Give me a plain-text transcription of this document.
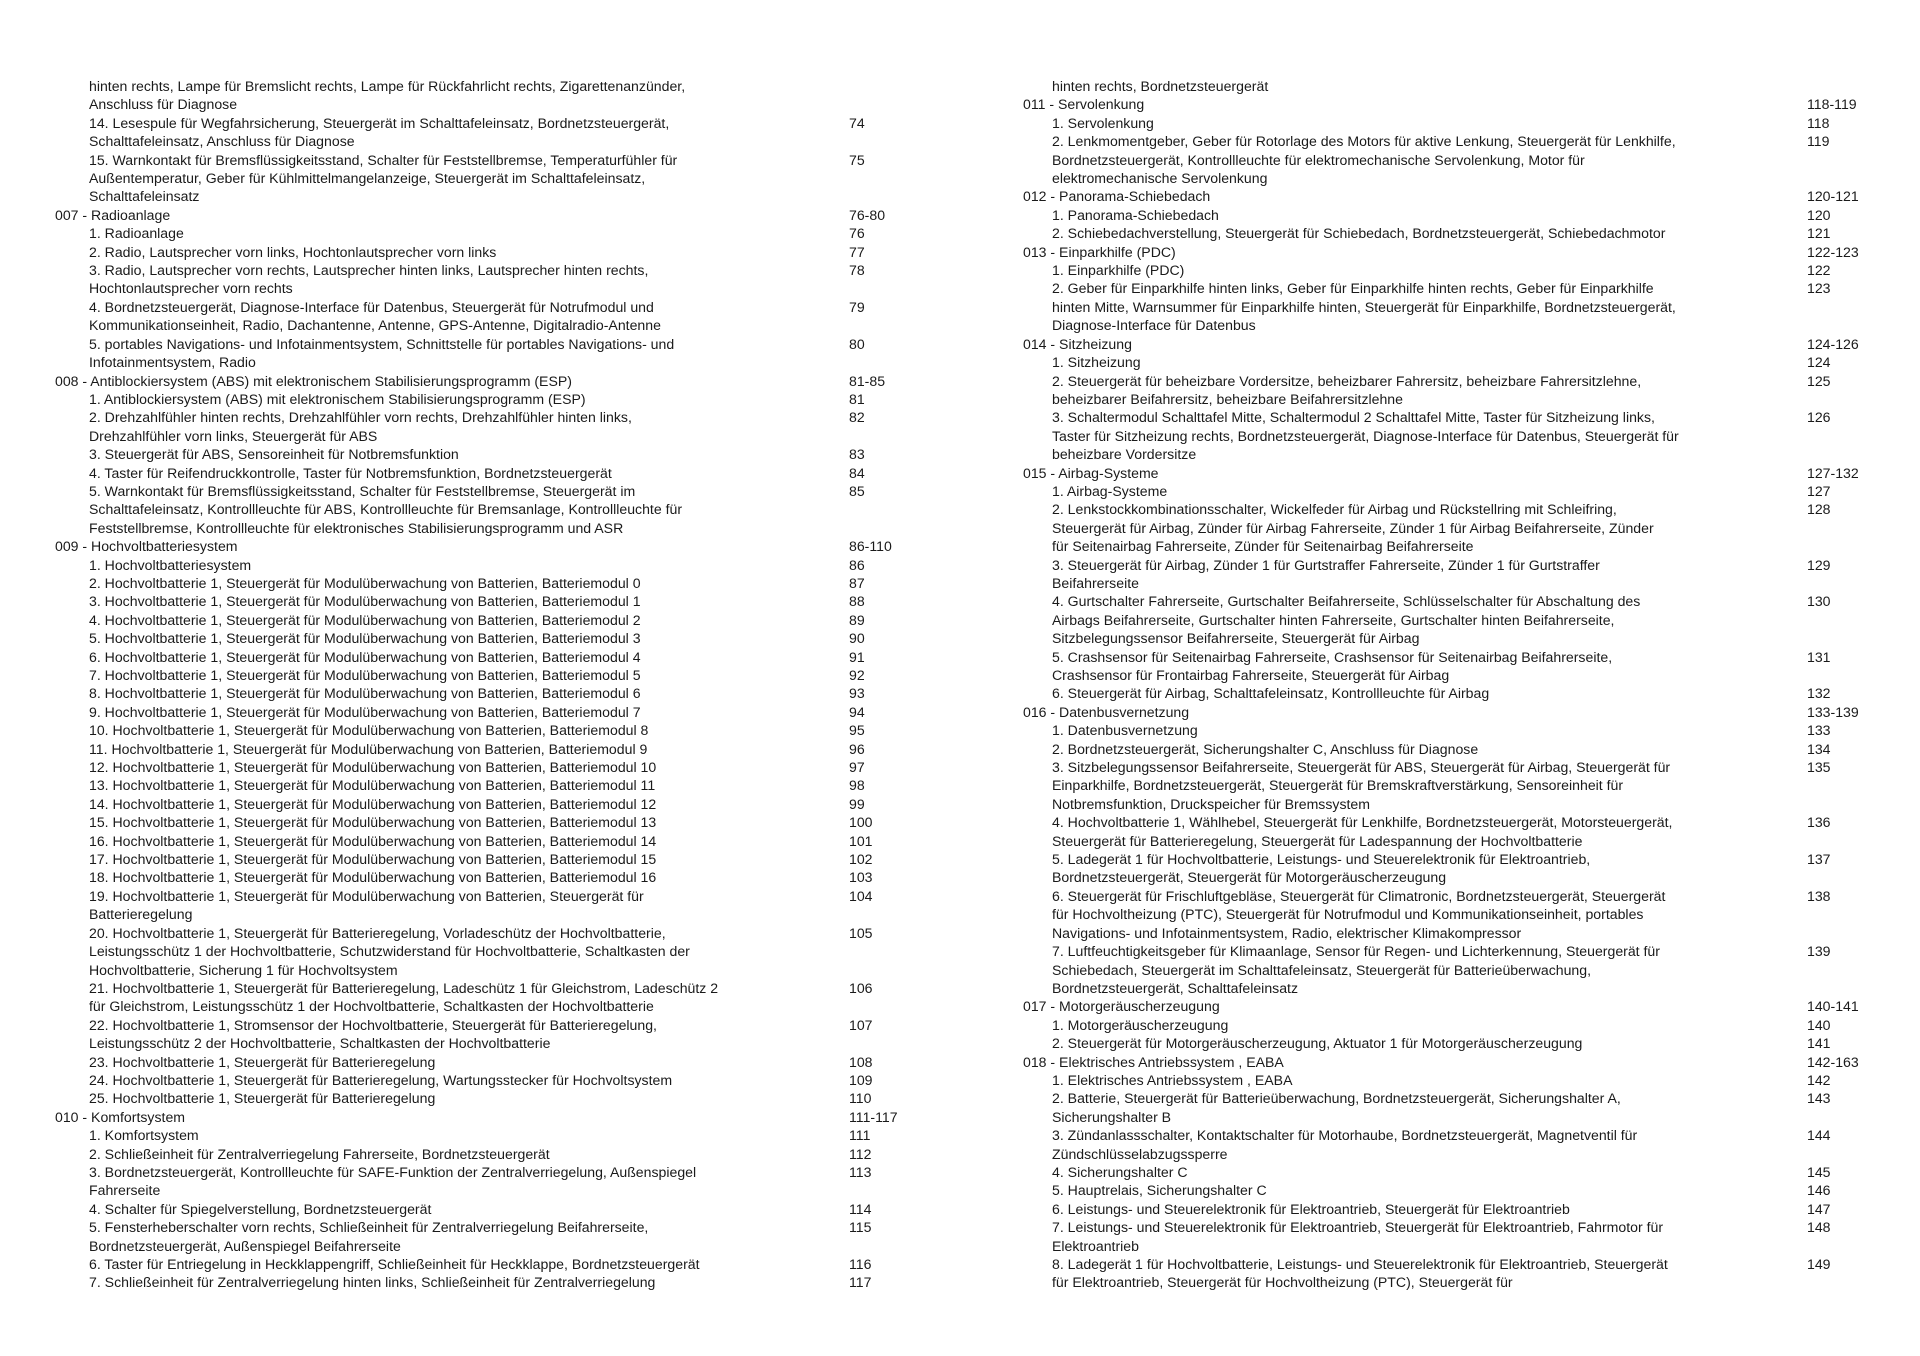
hinten rechts, Lampe für Bremslicht rechts, Lampe für Rückfahrlicht rechts, Zigarettenanzünder,
Anschluss für Diagnose
14. Lesespule für Wegfahrsicherung, Steuergerät im Schalttafeleinsatz, Bordnetzsteuergerät,	74
Schalttafeleinsatz, Anschluss für Diagnose
15. Warnkontakt für Bremsflüssigkeitsstand, Schalter für Feststellbremse, Temperaturfühler für	75
Außentemperatur, Geber für Kühlmittelmangelanzeige, Steuergerät im Schalttafeleinsatz,
Schalttafeleinsatz
007 - Radioanlage	76-80
1. Radioanlage	76
2. Radio, Lautsprecher vorn links, Hochtonlautsprecher vorn links	77
3. Radio, Lautsprecher vorn rechts, Lautsprecher hinten links, Lautsprecher hinten rechts,	78
Hochtonlautsprecher vorn rechts
4. Bordnetzsteuergerät, Diagnose-Interface für Datenbus, Steuergerät für Notrufmodul und	79
Kommunikationseinheit, Radio, Dachantenne, Antenne, GPS-Antenne, Digitalradio-Antenne
5. portables Navigations- und Infotainmentsystem, Schnittstelle für portables Navigations- und	80
Infotainmentsystem, Radio
008 - Antiblockiersystem (ABS) mit elektronischem Stabilisierungsprogramm (ESP)	81-85
1. Antiblockiersystem (ABS) mit elektronischem Stabilisierungsprogramm (ESP)	81
2. Drehzahlfühler hinten rechts, Drehzahlfühler vorn rechts, Drehzahlfühler hinten links,	82
Drehzahlfühler vorn links, Steuergerät für ABS
3. Steuergerät für ABS, Sensoreinheit für Notbremsfunktion	83
4. Taster für Reifendruckkontrolle, Taster für Notbremsfunktion, Bordnetzsteuergerät	84
5. Warnkontakt für Bremsflüssigkeitsstand, Schalter für Feststellbremse, Steuergerät im	85
Schalttafeleinsatz, Kontrollleuchte für ABS, Kontrollleuchte für Bremsanlage, Kontrollleuchte für
Feststellbremse, Kontrollleuchte für elektronisches Stabilisierungsprogramm und ASR
009 - Hochvoltbatteriesystem	86-110
1. Hochvoltbatteriesystem	86
2. Hochvoltbatterie 1, Steuergerät für Modulüberwachung von Batterien, Batteriemodul 0	87
3. Hochvoltbatterie 1, Steuergerät für Modulüberwachung von Batterien, Batteriemodul 1	88
4. Hochvoltbatterie 1, Steuergerät für Modulüberwachung von Batterien, Batteriemodul 2	89
5. Hochvoltbatterie 1, Steuergerät für Modulüberwachung von Batterien, Batteriemodul 3	90
6. Hochvoltbatterie 1, Steuergerät für Modulüberwachung von Batterien, Batteriemodul 4	91
7. Hochvoltbatterie 1, Steuergerät für Modulüberwachung von Batterien, Batteriemodul 5	92
8. Hochvoltbatterie 1, Steuergerät für Modulüberwachung von Batterien, Batteriemodul 6	93
9. Hochvoltbatterie 1, Steuergerät für Modulüberwachung von Batterien, Batteriemodul 7	94
10. Hochvoltbatterie 1, Steuergerät für Modulüberwachung von Batterien, Batteriemodul 8	95
11. Hochvoltbatterie 1, Steuergerät für Modulüberwachung von Batterien, Batteriemodul 9	96
12. Hochvoltbatterie 1, Steuergerät für Modulüberwachung von Batterien, Batteriemodul 10	97
13. Hochvoltbatterie 1, Steuergerät für Modulüberwachung von Batterien, Batteriemodul 11	98
14. Hochvoltbatterie 1, Steuergerät für Modulüberwachung von Batterien, Batteriemodul 12	99
15. Hochvoltbatterie 1, Steuergerät für Modulüberwachung von Batterien, Batteriemodul 13	100
16. Hochvoltbatterie 1, Steuergerät für Modulüberwachung von Batterien, Batteriemodul 14	101
17. Hochvoltbatterie 1, Steuergerät für Modulüberwachung von Batterien, Batteriemodul 15	102
18. Hochvoltbatterie 1, Steuergerät für Modulüberwachung von Batterien, Batteriemodul 16	103
19. Hochvoltbatterie 1, Steuergerät für Modulüberwachung von Batterien, Steuergerät für	104
Batterieregelung
20. Hochvoltbatterie 1, Steuergerät für Batterieregelung, Vorladeschütz der Hochvoltbatterie,	105
Leistungsschütz 1 der Hochvoltbatterie, Schutzwiderstand für Hochvoltbatterie, Schaltkasten der
Hochvoltbatterie, Sicherung 1 für Hochvoltsystem
21. Hochvoltbatterie 1, Steuergerät für Batterieregelung, Ladeschütz 1 für Gleichstrom, Ladeschütz 2	106
für Gleichstrom, Leistungsschütz 1 der Hochvoltbatterie, Schaltkasten der Hochvoltbatterie
22. Hochvoltbatterie 1, Stromsensor der Hochvoltbatterie, Steuergerät für Batterieregelung,	107
Leistungsschütz 2 der Hochvoltbatterie, Schaltkasten der Hochvoltbatterie
23. Hochvoltbatterie 1, Steuergerät für Batterieregelung	108
24. Hochvoltbatterie 1, Steuergerät für Batterieregelung, Wartungsstecker für Hochvoltsystem	109
25. Hochvoltbatterie 1, Steuergerät für Batterieregelung	110
010 - Komfortsystem	111-117
1. Komfortsystem	111
2. Schließeinheit für Zentralverriegelung Fahrerseite, Bordnetzsteuergerät	112
3. Bordnetzsteuergerät, Kontrollleuchte für SAFE-Funktion der Zentralverriegelung, Außenspiegel	113
Fahrerseite
4. Schalter für Spiegelverstellung, Bordnetzsteuergerät	114
5. Fensterheberschalter vorn rechts, Schließeinheit für Zentralverriegelung Beifahrerseite,	115
Bordnetzsteuergerät, Außenspiegel Beifahrerseite
6. Taster für Entriegelung in Heckklappengriff, Schließeinheit für Heckklappe, Bordnetzsteuergerät	116
7. Schließeinheit für Zentralverriegelung hinten links, Schließeinheit für Zentralverriegelung	117
hinten rechts, Bordnetzsteuergerät
011 - Servolenkung	118-119
1. Servolenkung	118
2. Lenkmomentgeber, Geber für Rotorlage des Motors für aktive Lenkung, Steuergerät für Lenkhilfe,	119
Bordnetzsteuergerät, Kontrollleuchte für elektromechanische Servolenkung, Motor für
elektromechanische Servolenkung
012 - Panorama-Schiebedach	120-121
1. Panorama-Schiebedach	120
2. Schiebedachverstellung, Steuergerät für Schiebedach, Bordnetzsteuergerät, Schiebedachmotor	121
013 - Einparkhilfe (PDC)	122-123
1. Einparkhilfe (PDC)	122
2. Geber für Einparkhilfe hinten links, Geber für Einparkhilfe hinten rechts, Geber für Einparkhilfe	123
hinten Mitte, Warnsummer für Einparkhilfe hinten, Steuergerät für Einparkhilfe, Bordnetzsteuergerät,
Diagnose-Interface für Datenbus
014 - Sitzheizung	124-126
1. Sitzheizung	124
2. Steuergerät für beheizbare Vordersitze, beheizbarer Fahrersitz, beheizbare Fahrersitzlehne,	125
beheizbarer Beifahrersitz, beheizbare Beifahrersitzlehne
3. Schaltermodul Schalttafel Mitte, Schaltermodul 2 Schalttafel Mitte, Taster für Sitzheizung links,	126
Taster für Sitzheizung rechts, Bordnetzsteuergerät, Diagnose-Interface für Datenbus, Steuergerät für
beheizbare Vordersitze
015 - Airbag-Systeme	127-132
1. Airbag-Systeme	127
2. Lenkstockkombinationsschalter, Wickelfeder für Airbag und Rückstellring mit Schleifring,	128
Steuergerät für Airbag, Zünder für Airbag Fahrerseite, Zünder 1 für Airbag Beifahrerseite, Zünder
für Seitenairbag Fahrerseite, Zünder für Seitenairbag Beifahrerseite
3. Steuergerät für Airbag, Zünder 1 für Gurtstraffer Fahrerseite, Zünder 1 für Gurtstraffer	129
Beifahrerseite
4. Gurtschalter Fahrerseite, Gurtschalter Beifahrerseite, Schlüsselschalter für Abschaltung des	130
Airbags Beifahrerseite, Gurtschalter hinten Fahrerseite, Gurtschalter hinten Beifahrerseite,
Sitzbelegungssensor Beifahrerseite, Steuergerät für Airbag
5. Crashsensor für Seitenairbag Fahrerseite, Crashsensor für Seitenairbag Beifahrerseite,	131
Crashsensor für Frontairbag Fahrerseite, Steuergerät für Airbag
6. Steuergerät für Airbag, Schalttafeleinsatz, Kontrollleuchte für Airbag	132
016 - Datenbusvernetzung	133-139
1. Datenbusvernetzung	133
2. Bordnetzsteuergerät, Sicherungshalter C, Anschluss für Diagnose	134
3. Sitzbelegungssensor Beifahrerseite, Steuergerät für ABS, Steuergerät für Airbag, Steuergerät für	135
Einparkhilfe, Bordnetzsteuergerät, Steuergerät für Bremskraftverstärkung, Sensoreinheit für
Notbremsfunktion, Druckspeicher für Bremssystem
4. Hochvoltbatterie 1, Wählhebel, Steuergerät für Lenkhilfe, Bordnetzsteuergerät, Motorsteuergerät,	136
Steuergerät für Batterieregelung, Steuergerät für Ladespannung der Hochvoltbatterie
5. Ladegerät 1 für Hochvoltbatterie, Leistungs- und Steuerelektronik für Elektroantrieb,	137
Bordnetzsteuergerät, Steuergerät für Motorgeräuscherzeugung
6. Steuergerät für Frischluftgebläse, Steuergerät für Climatronic, Bordnetzsteuergerät, Steuergerät	138
für Hochvoltheizung (PTC), Steuergerät für Notrufmodul und Kommunikationseinheit, portables
Navigations- und Infotainmentsystem, Radio, elektrischer Klimakompressor
7. Luftfeuchtigkeitsgeber für Klimaanlage, Sensor für Regen- und Lichterkennung, Steuergerät für	139
Schiebedach, Steuergerät im Schalttafeleinsatz, Steuergerät für Batterieüberwachung,
Bordnetzsteuergerät, Schalttafeleinsatz
017 - Motorgeräuscherzeugung	140-141
1. Motorgeräuscherzeugung	140
2. Steuergerät für Motorgeräuscherzeugung, Aktuator 1 für Motorgeräuscherzeugung	141
018 - Elektrisches Antriebssystem , EABA	142-163
1. Elektrisches Antriebssystem , EABA	142
2. Batterie, Steuergerät für Batterieüberwachung, Bordnetzsteuergerät, Sicherungshalter A,	143
Sicherungshalter B
3. Zündanlassschalter, Kontaktschalter für Motorhaube, Bordnetzsteuergerät, Magnetventil für	144
Zündschlüsselabzugssperre
4. Sicherungshalter C	145
5. Hauptrelais, Sicherungshalter C	146
6. Leistungs- und Steuerelektronik für Elektroantrieb, Steuergerät für Elektroantrieb	147
7. Leistungs- und Steuerelektronik für Elektroantrieb, Steuergerät für Elektroantrieb, Fahrmotor für	148
Elektroantrieb
8. Ladegerät 1 für Hochvoltbatterie, Leistungs- und Steuerelektronik für Elektroantrieb, Steuergerät	149
für Elektroantrieb, Steuergerät für Hochvoltheizung (PTC), Steuergerät für
